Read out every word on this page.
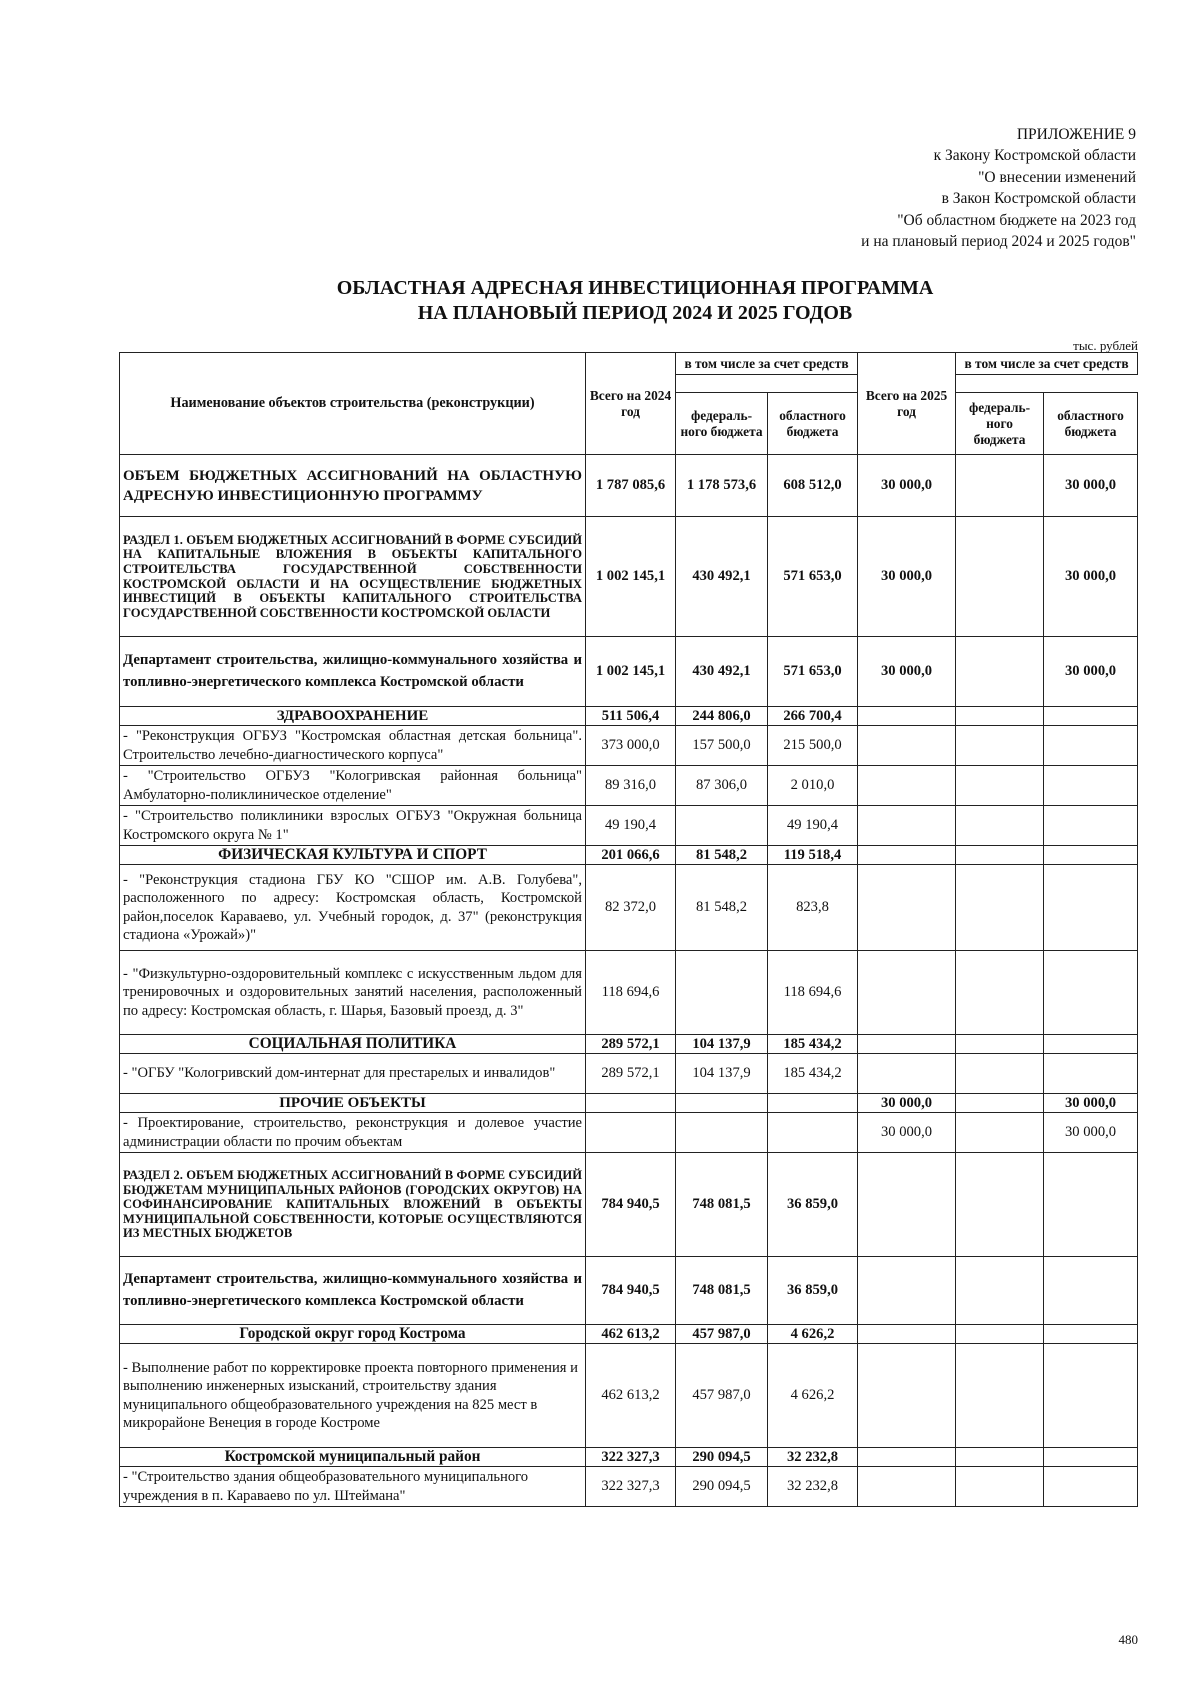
ПРИЛОЖЕНИЕ 9
к Закону Костромской области
"О внесении изменений
в Закон Костромской области
"Об областном бюджете на 2023 год
и на плановый период 2024 и 2025 годов"
ОБЛАСТНАЯ АДРЕСНАЯ ИНВЕСТИЦИОННАЯ ПРОГРАММА
НА ПЛАНОВЫЙ ПЕРИОД 2024 И 2025 ГОДОВ
тыс. рублей
Наименование объектов строительства (реконструкции)	Всего на 2024 год	в том числе за счет средств		Всего на 2025 год	в том числе за счет средств	

		федераль-ного бюджета	областного бюджета		федераль-ного бюджета	областного бюджета
ОБЪЕМ БЮДЖЕТНЫХ АССИГНОВАНИЙ НА ОБЛАСТНУЮ АДРЕСНУЮ ИНВЕСТИЦИОННУЮ ПРОГРАММУ	1 787 085,6	1 178 573,6	608 512,0	30 000,0		30 000,0
РАЗДЕЛ 1. ОБЪЕМ БЮДЖЕТНЫХ АССИГНОВАНИЙ В ФОРМЕ СУБСИДИЙ НА КАПИТАЛЬНЫЕ ВЛОЖЕНИЯ В ОБЪЕКТЫ КАПИТАЛЬНОГО СТРОИТЕЛЬСТВА ГОСУДАРСТВЕННОЙ СОБСТВЕННОСТИ КОСТРОМСКОЙ ОБЛАСТИ И НА ОСУЩЕСТВЛЕНИЕ БЮДЖЕТНЫХ ИНВЕСТИЦИЙ В ОБЪЕКТЫ КАПИТАЛЬНОГО СТРОИТЕЛЬСТВА ГОСУДАРСТВЕННОЙ СОБСТВЕННОСТИ КОСТРОМСКОЙ ОБЛАСТИ	1 002 145,1	430 492,1	571 653,0	30 000,0		30 000,0
Департамент строительства, жилищно-коммунального хозяйства и топливно-энергетического комплекса Костромской области	1 002 145,1	430 492,1	571 653,0	30 000,0		30 000,0
ЗДРАВООХРАНЕНИЕ	511 506,4	244 806,0	266 700,4			
- "Реконструкция ОГБУЗ "Костромская областная детская больница". Строительство лечебно-диагностического корпуса"	373 000,0	157 500,0	215 500,0			
- "Строительство ОГБУЗ "Кологривская районная больница" Амбулаторно-поликлиническое отделение"	89 316,0	87 306,0	2 010,0			
- "Строительство поликлиники взрослых ОГБУЗ "Окружная больница Костромского округа № 1"	49 190,4		49 190,4			
ФИЗИЧЕСКАЯ КУЛЬТУРА И СПОРТ	201 066,6	81 548,2	119 518,4			
- "Реконструкция стадиона ГБУ КО "СШОР им. А.В. Голубева", расположенного по адресу: Костромская область, Костромской район,поселок Караваево, ул. Учебный городок, д. 37" (реконструкция стадиона «Урожай»)"	82 372,0	81 548,2	823,8			
- "Физкультурно-оздоровительный комплекс с искусственным льдом для тренировочных и оздоровительных занятий населения, расположенный по адресу: Костромская область, г. Шарья, Базовый проезд, д. 3"	118 694,6		118 694,6			
СОЦИАЛЬНАЯ ПОЛИТИКА	289 572,1	104 137,9	185 434,2			
- "ОГБУ "Кологривский дом-интернат для престарелых и инвалидов"	289 572,1	104 137,9	185 434,2			
ПРОЧИЕ ОБЪЕКТЫ				30 000,0		30 000,0
- Проектирование, строительство, реконструкция и долевое участие администрации области по прочим объектам				30 000,0		30 000,0
РАЗДЕЛ 2. ОБЪЕМ БЮДЖЕТНЫХ АССИГНОВАНИЙ В ФОРМЕ СУБСИДИЙ БЮДЖЕТАМ МУНИЦИПАЛЬНЫХ РАЙОНОВ (ГОРОДСКИХ ОКРУГОВ) НА СОФИНАНСИРОВАНИЕ КАПИТАЛЬНЫХ ВЛОЖЕНИЙ В ОБЪЕКТЫ МУНИЦИПАЛЬНОЙ СОБСТВЕННОСТИ, КОТОРЫЕ ОСУЩЕСТВЛЯЮТСЯ ИЗ МЕСТНЫХ БЮДЖЕТОВ	784 940,5	748 081,5	36 859,0			
Департамент строительства, жилищно-коммунального хозяйства и топливно-энергетического комплекса Костромской области	784 940,5	748 081,5	36 859,0			
Городской округ город Кострома	462 613,2	457 987,0	4 626,2			
- Выполнение работ по корректировке проекта повторного применения и выполнению инженерных изысканий, строительству здания муниципального общеобразовательного учреждения на 825 мест в микрорайоне Венеция в городе Костроме	462 613,2	457 987,0	4 626,2			
Костромской муниципальный район	322 327,3	290 094,5	32 232,8			
- "Строительство здания общеобразовательного муниципального учреждения в п. Караваево по ул. Штеймана"	322 327,3	290 094,5	32 232,8			
480
